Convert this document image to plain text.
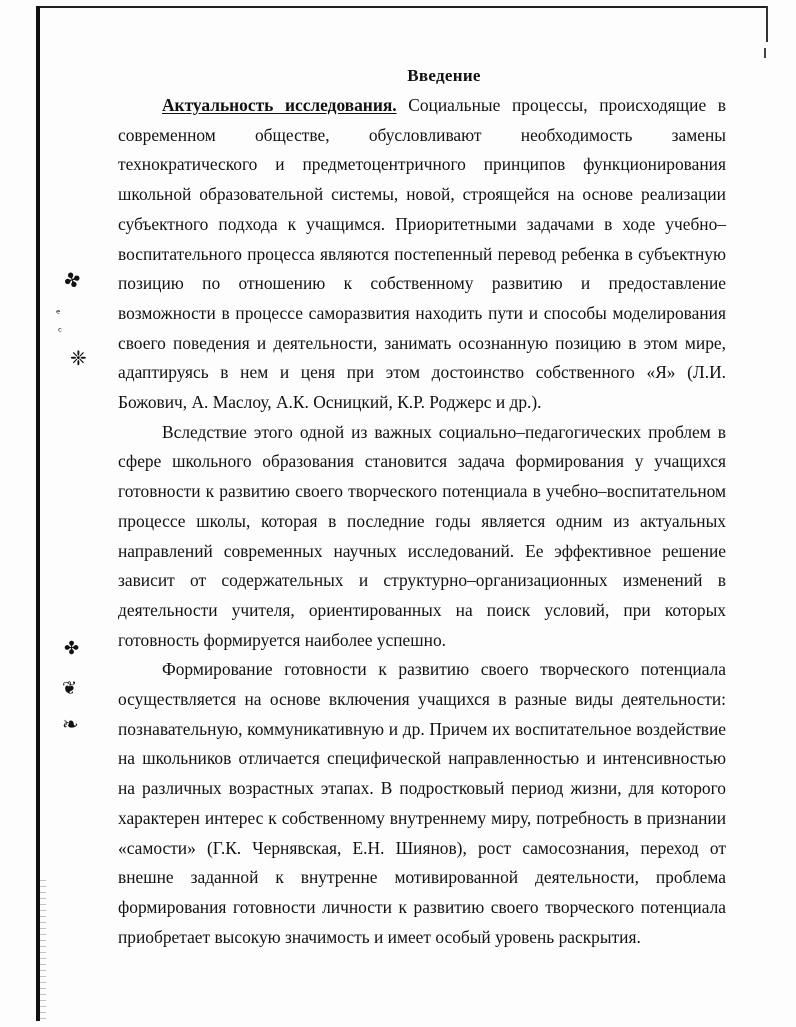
✤
ᵉ
ᶜ
❈
✤
❦
❧
Введение

Актуальность исследования. Социальные процессы, происходящие в современном обществе, обусловливают необходимость замены технократического и предметоцентричного принципов функционирования школьной образовательной системы, новой, строящейся на основе реализации субъектного подхода к учащимся. Приоритетными задачами в ходе учебно–воспитательного процесса являются постепенный перевод ребенка в субъектную позицию по отношению к собственному развитию и предоставление возможности в процессе саморазвития находить пути и способы моделирования своего поведения и деятельности, занимать осознанную позицию в этом мире, адаптируясь в нем и ценя при этом достоинство собственного «Я» (Л.И. Божович, А. Маслоу, А.К. Осницкий, К.Р. Роджерс и др.).

Вследствие этого одной из важных социально–педагогических проблем в сфере школьного образования становится задача формирования у учащихся готовности к развитию своего творческого потенциала в учебно–воспитательном процессе школы, которая в последние годы является одним из актуальных направлений современных научных исследований. Ее эффективное решение зависит от содержательных и структурно–организационных изменений в деятельности учителя, ориентированных на поиск условий, при которых готовность формируется наиболее успешно.

Формирование готовности к развитию своего творческого потенциала осуществляется на основе включения учащихся в разные виды деятельности: познавательную, коммуникативную и др. Причем их воспитательное воздействие на школьников отличается специфической направленностью и интенсивностью на различных возрастных этапах. В подростковый период жизни, для которого характерен интерес к собственному внутреннему миру, потребность в признании «самости» (Г.К. Чернявская, Е.Н. Шиянов), рост самосознания, переход от внешне заданной к внутренне мотивированной деятельности, проблема формирования готовности личности к развитию своего творческого потенциала приобретает высокую значимость и имеет особый уровень раскрытия.
